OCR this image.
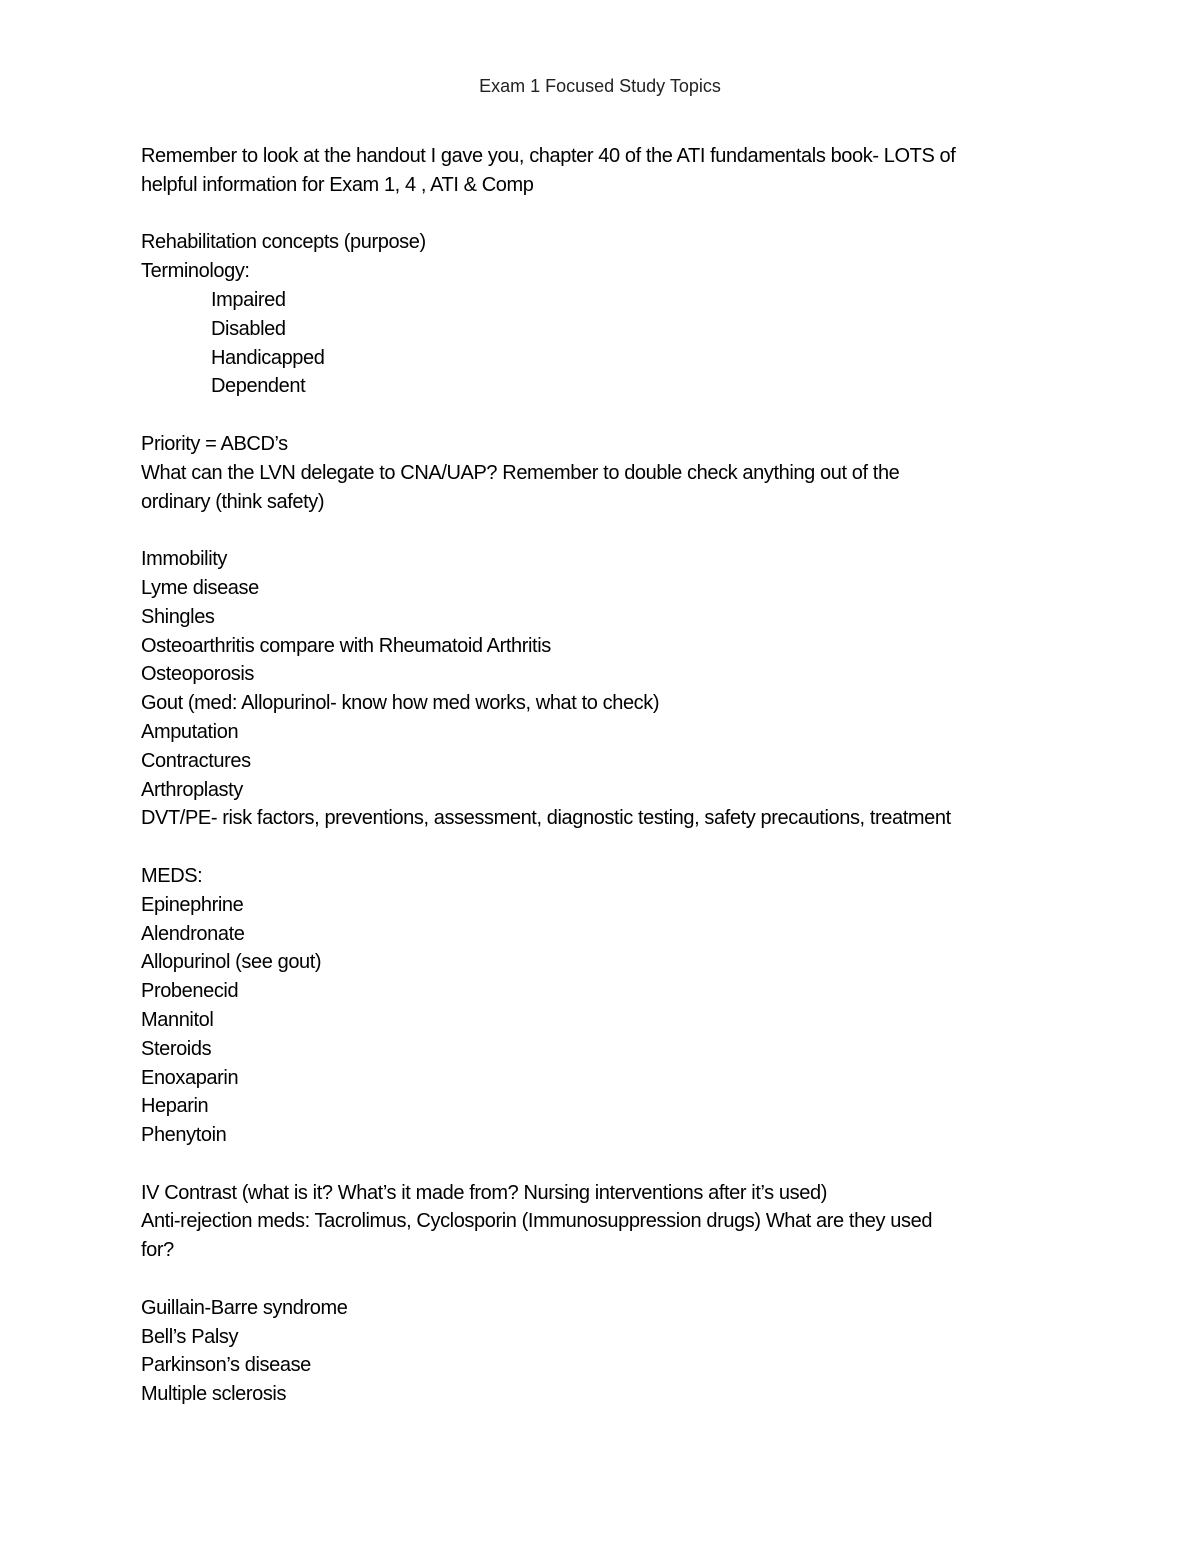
Exam 1 Focused Study Topics
Remember to look at the handout I gave you, chapter 40 of the ATI fundamentals book- LOTS of
helpful information for Exam 1, 4 , ATI & Comp
Rehabilitation concepts (purpose)
Terminology:
Impaired
Disabled
Handicapped
Dependent
Priority = ABCD’s
What can the LVN delegate to CNA/UAP? Remember to double check anything out of the
ordinary (think safety)
Immobility
Lyme disease
Shingles
Osteoarthritis compare with Rheumatoid Arthritis
Osteoporosis
Gout (med: Allopurinol- know how med works, what to check)
Amputation
Contractures
Arthroplasty
DVT/PE- risk factors, preventions, assessment, diagnostic testing, safety precautions, treatment
MEDS:
Epinephrine
Alendronate
Allopurinol (see gout)
Probenecid
Mannitol
Steroids
Enoxaparin
Heparin
Phenytoin
IV Contrast (what is it? What’s it made from? Nursing interventions after it’s used)
Anti-rejection meds: Tacrolimus, Cyclosporin (Immunosuppression drugs) What are they used
for?
Guillain-Barre syndrome
Bell’s Palsy
Parkinson’s disease
Multiple sclerosis
